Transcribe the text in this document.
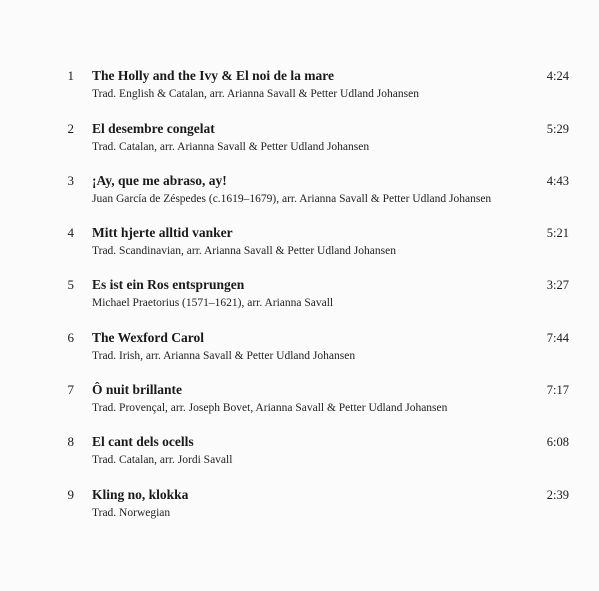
1 The Holly and the Ivy & El noi de la mare
Trad. English & Catalan, arr. Arianna Savall & Petter Udland Johansen
4:24
2 El desembre congelat
Trad. Catalan, arr. Arianna Savall & Petter Udland Johansen
5:29
3 ¡Ay, que me abraso, ay!
Juan García de Zéspedes (c.1619–1679), arr. Arianna Savall & Petter Udland Johansen
4:43
4 Mitt hjerte alltid vanker
Trad. Scandinavian, arr. Arianna Savall & Petter Udland Johansen
5:21
5 Es ist ein Ros entsprungen
Michael Praetorius (1571–1621), arr. Arianna Savall
3:27
6 The Wexford Carol
Trad. Irish, arr. Arianna Savall & Petter Udland Johansen
7:44
7 Ô nuit brillante
Trad. Provençal, arr. Joseph Bovet, Arianna Savall & Petter Udland Johansen
7:17
8 El cant dels ocells
Trad. Catalan, arr. Jordi Savall
6:08
9 Kling no, klokka
Trad. Norwegian
2:39
